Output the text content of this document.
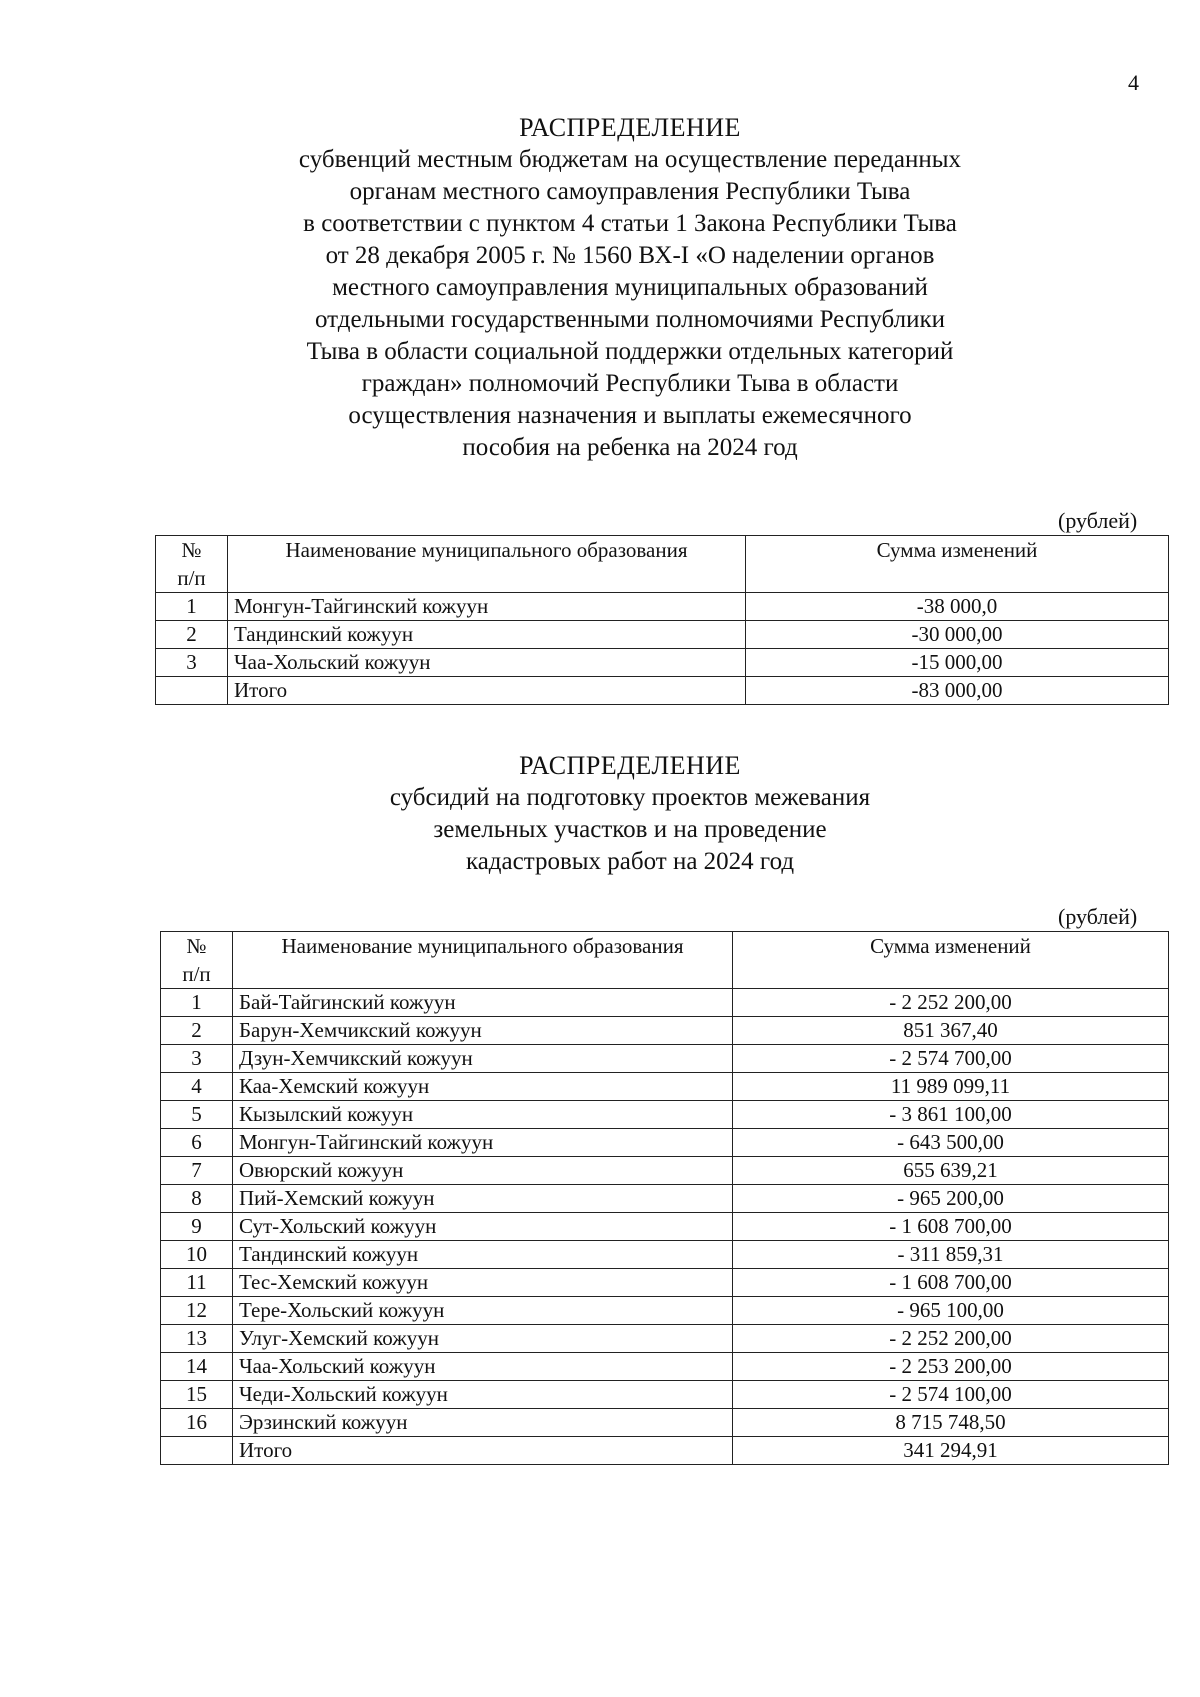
4
РАСПРЕДЕЛЕНИЕ
субвенций местным бюджетам на осуществление переданных
органам местного самоуправления Республики Тыва
в соответствии с пунктом 4 статьи 1 Закона Республики Тыва
от 28 декабря 2005 г. № 1560 ВХ-I «О наделении органов
местного самоуправления муниципальных образований
отдельными государственными полномочиями Республики
Тыва в области социальной поддержки отдельных категорий
граждан» полномочий Республики Тыва в области
осуществления назначения и выплаты ежемесячного
пособия на ребенка на 2024 год
(рублей)
№
п/п	Наименование муниципального образования	Сумма изменений
1	Монгун-Тайгинский кожуун	-38 000,0
2	Тандинский кожуун	-30 000,00
3	Чаа-Хольский кожуун	-15 000,00
	Итого	-83 000,00
РАСПРЕДЕЛЕНИЕ
субсидий на подготовку проектов межевания
земельных участков и на проведение
кадастровых работ на 2024 год
(рублей)
№
п/п	Наименование муниципального образования	Сумма изменений
1	Бай-Тайгинский кожуун	- 2 252 200,00
2	Барун-Хемчикский кожуун	851 367,40
3	Дзун-Хемчикский кожуун	- 2 574 700,00
4	Каа-Хемский кожуун	11 989 099,11
5	Кызылский кожуун	- 3 861 100,00
6	Монгун-Тайгинский кожуун	- 643 500,00
7	Овюрский кожуун	655 639,21
8	Пий-Хемский кожуун	- 965 200,00
9	Сут-Хольский кожуун	- 1 608 700,00
10	Тандинский кожуун	- 311 859,31
11	Тес-Хемский кожуун	- 1 608 700,00
12	Тере-Хольский кожуун	- 965 100,00
13	Улуг-Хемский кожуун	- 2 252 200,00
14	Чаа-Хольский кожуун	- 2 253 200,00
15	Чеди-Хольский кожуун	- 2 574 100,00
16	Эрзинский кожуун	8 715 748,50
	Итого	341 294,91
